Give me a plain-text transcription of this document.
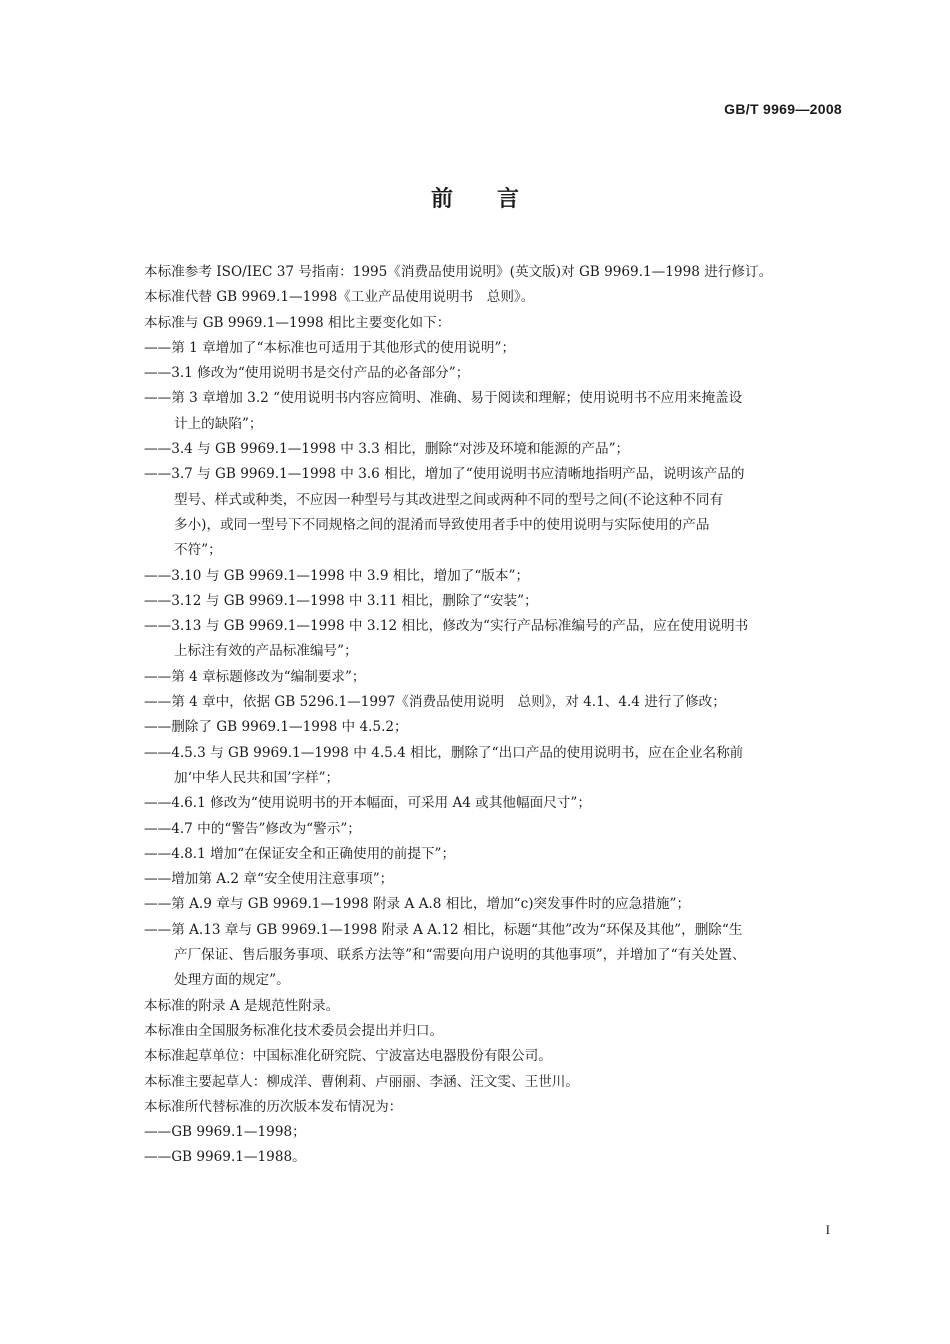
GB/T 9969—2008
前言
本标准参考 ISO/IEC 37 号指南：1995《消费品使用说明》(英文版)对 GB 9969.1—1998 进行修订。
本标准代替 GB 9969.1—1998《工业产品使用说明书　总则》。
本标准与 GB 9969.1—1998 相比主要变化如下：
——第 1 章增加了“本标准也可适用于其他形式的使用说明”；
——3.1 修改为“使用说明书是交付产品的必备部分”；
——第 3 章增加 3.2 “使用说明书内容应简明、准确、易于阅读和理解；使用说明书不应用来掩盖设
计上的缺陷”；
——3.4 与 GB 9969.1—1998 中 3.3 相比，删除“对涉及环境和能源的产品”；
——3.7 与 GB 9969.1—1998 中 3.6 相比，增加了“使用说明书应清晰地指明产品，说明该产品的
型号、样式或种类，不应因一种型号与其改进型之间或两种不同的型号之间(不论这种不同有
多小)，或同一型号下不同规格之间的混淆而导致使用者手中的使用说明与实际使用的产品
不符”；
——3.10 与 GB 9969.1—1998 中 3.9 相比，增加了“版本”；
——3.12 与 GB 9969.1—1998 中 3.11 相比，删除了“安装”；
——3.13 与 GB 9969.1—1998 中 3.12 相比，修改为“实行产品标准编号的产品，应在使用说明书
上标注有效的产品标准编号”；
——第 4 章标题修改为“编制要求”；
——第 4 章中，依据 GB 5296.1—1997《消费品使用说明　总则》，对 4.1、4.4 进行了修改；
——删除了 GB 9969.1—1998 中 4.5.2；
——4.5.3 与 GB 9969.1—1998 中 4.5.4 相比，删除了“出口产品的使用说明书，应在企业名称前
加‘中华人民共和国’字样”；
——4.6.1 修改为“使用说明书的开本幅面，可采用 A4 或其他幅面尺寸”；
——4.7 中的“警告”修改为“警示”；
——4.8.1 增加“在保证安全和正确使用的前提下”；
——增加第 A.2 章“安全使用注意事项”；
——第 A.9 章与 GB 9969.1—1998 附录 A A.8 相比，增加“c)突发事件时的应急措施”；
——第 A.13 章与 GB 9969.1—1998 附录 A A.12 相比，标题“其他”改为“环保及其他”，删除“生
产厂保证、售后服务事项、联系方法等”和“需要向用户说明的其他事项”，并增加了“有关处置、
处理方面的规定”。
本标准的附录 A 是规范性附录。
本标准由全国服务标准化技术委员会提出并归口。
本标准起草单位：中国标准化研究院、宁波富达电器股份有限公司。
本标准主要起草人：柳成洋、曹俐莉、卢丽丽、李涵、汪文雯、王世川。
本标准所代替标准的历次版本发布情况为：
——GB 9969.1—1998；
——GB 9969.1—1988。
I
